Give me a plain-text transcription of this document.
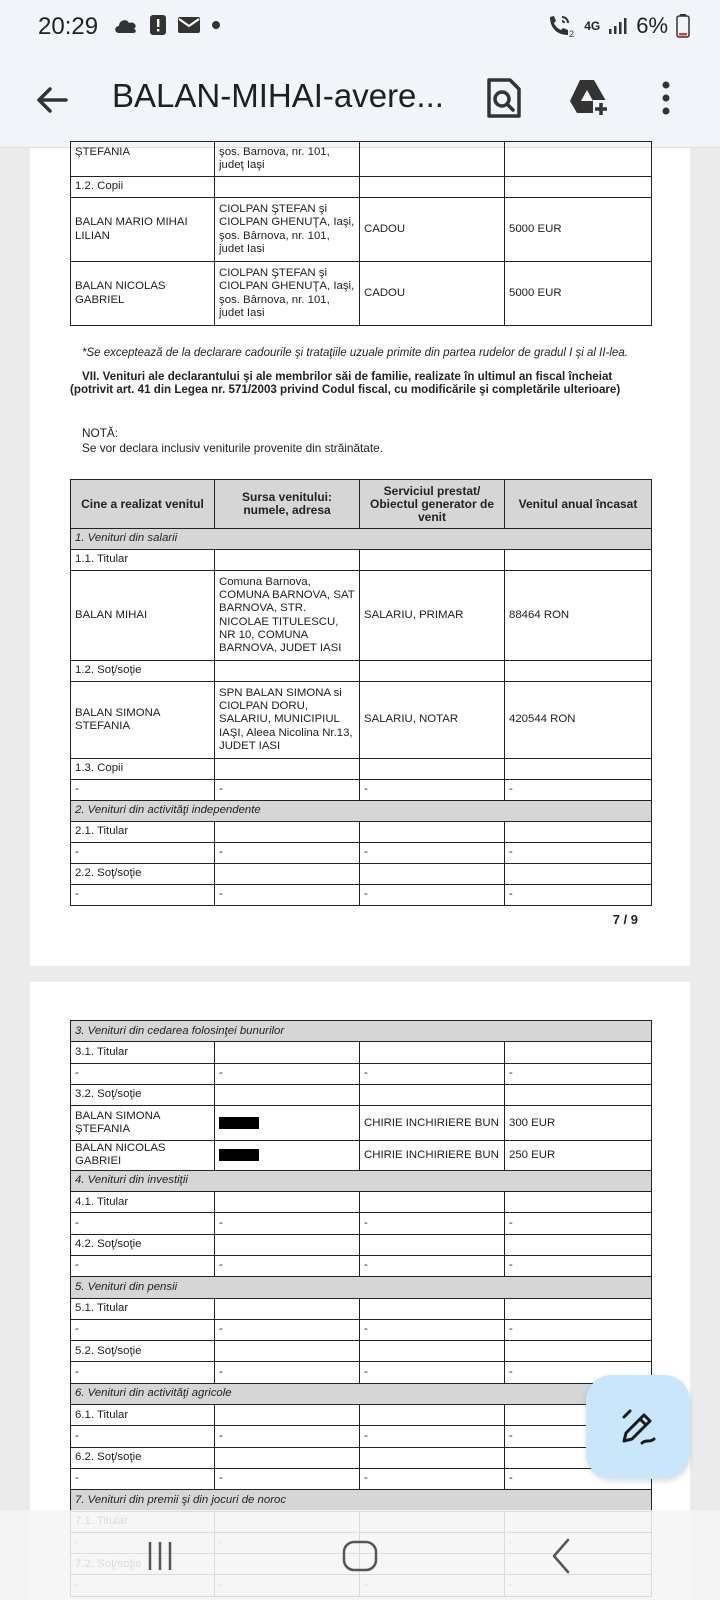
20:29	2
4G 6%
BALAN-MIHAI-avere...
ŞTEFANIA	şos. Barnova, nr. 101, judeţ Iaşi		
1.2. Copii			
BALAN MARIO MIHAI LILIAN	CIOLPAN ŞTEFAN şi CIOLPAN GHENUŢA, Iaşi, şos. Bârnova, nr. 101, judet Iasi	CADOU	5000 EUR
BALAN NICOLAS GABRIEL	CIOLPAN ŞTEFAN şi CIOLPAN GHENUŢA, Iaşi, şos. Bârnova, nr. 101, judet Iasi	CADOU	5000 EUR
*Se exceptează de la declarare cadourile şi trataţiile uzuale primite din partea rudelor de gradul I şi al II-lea.
VII. Venituri ale declarantului şi ale membrilor săi de familie, realizate în ultimul an fiscal încheiat
(potrivit art. 41 din Legea nr. 571/2003 privind Codul fiscal, cu modificările şi completările ulterioare)
NOTĂ:
Se vor declara inclusiv veniturile provenite din străinătate.
Cine a realizat venitul	Sursa venitului: numele, adresa	Serviciul prestat/ Obiectul generator de venit	Venitul anual încasat
1. Venituri din salarii			
1.1. Titular			
BALAN MIHAI	Comuna Barnova, COMUNA BARNOVA, SAT BARNOVA, STR. NICOLAE TITULESCU, NR 10, COMUNA BARNOVA, JUDET IASI	SALARIU, PRIMAR	88464 RON
1.2. Soţ/soţie			
BALAN SIMONA STEFANIA	SPN BALAN SIMONA si CIOLPAN DORU, SALARIU, MUNICIPIUL IAŞI, Aleea Nicolina Nr.13, JUDET IASI	SALARIU, NOTAR	420544 RON
1.3. Copii			
-	-	-	-
2. Venituri din activităţi independente			
2.1. Titular			
-	-	-	-
2.2. Soţ/soţie			
-	-	-	-
7 / 9
3. Venituri din cedarea folosinţei bunurilor			
3.1. Titular			
-	-	-	-
3.2. Soţ/soţie			
BALAN SIMONA ŞTEFANIA		CHIRIE INCHIRIERE BUN	300 EUR
BALAN NICOLAS GABRIEI		CHIRIE INCHIRIERE BUN	250 EUR
4. Venituri din investiţii			
4.1. Titular			
-	-	-	-
4.2. Soţ/soţie			
-	-	-	-
5. Venituri din pensii			
5.1. Titular			
-	-	-	-
5.2. Soţ/soţie			
-	-	-	-
6. Venituri din activităţi agricole			
6.1. Titular			
-	-	-	-
6.2. Soţ/soţie			
-	-	-	-
7. Venituri din premii şi din jocuri de noroc			
